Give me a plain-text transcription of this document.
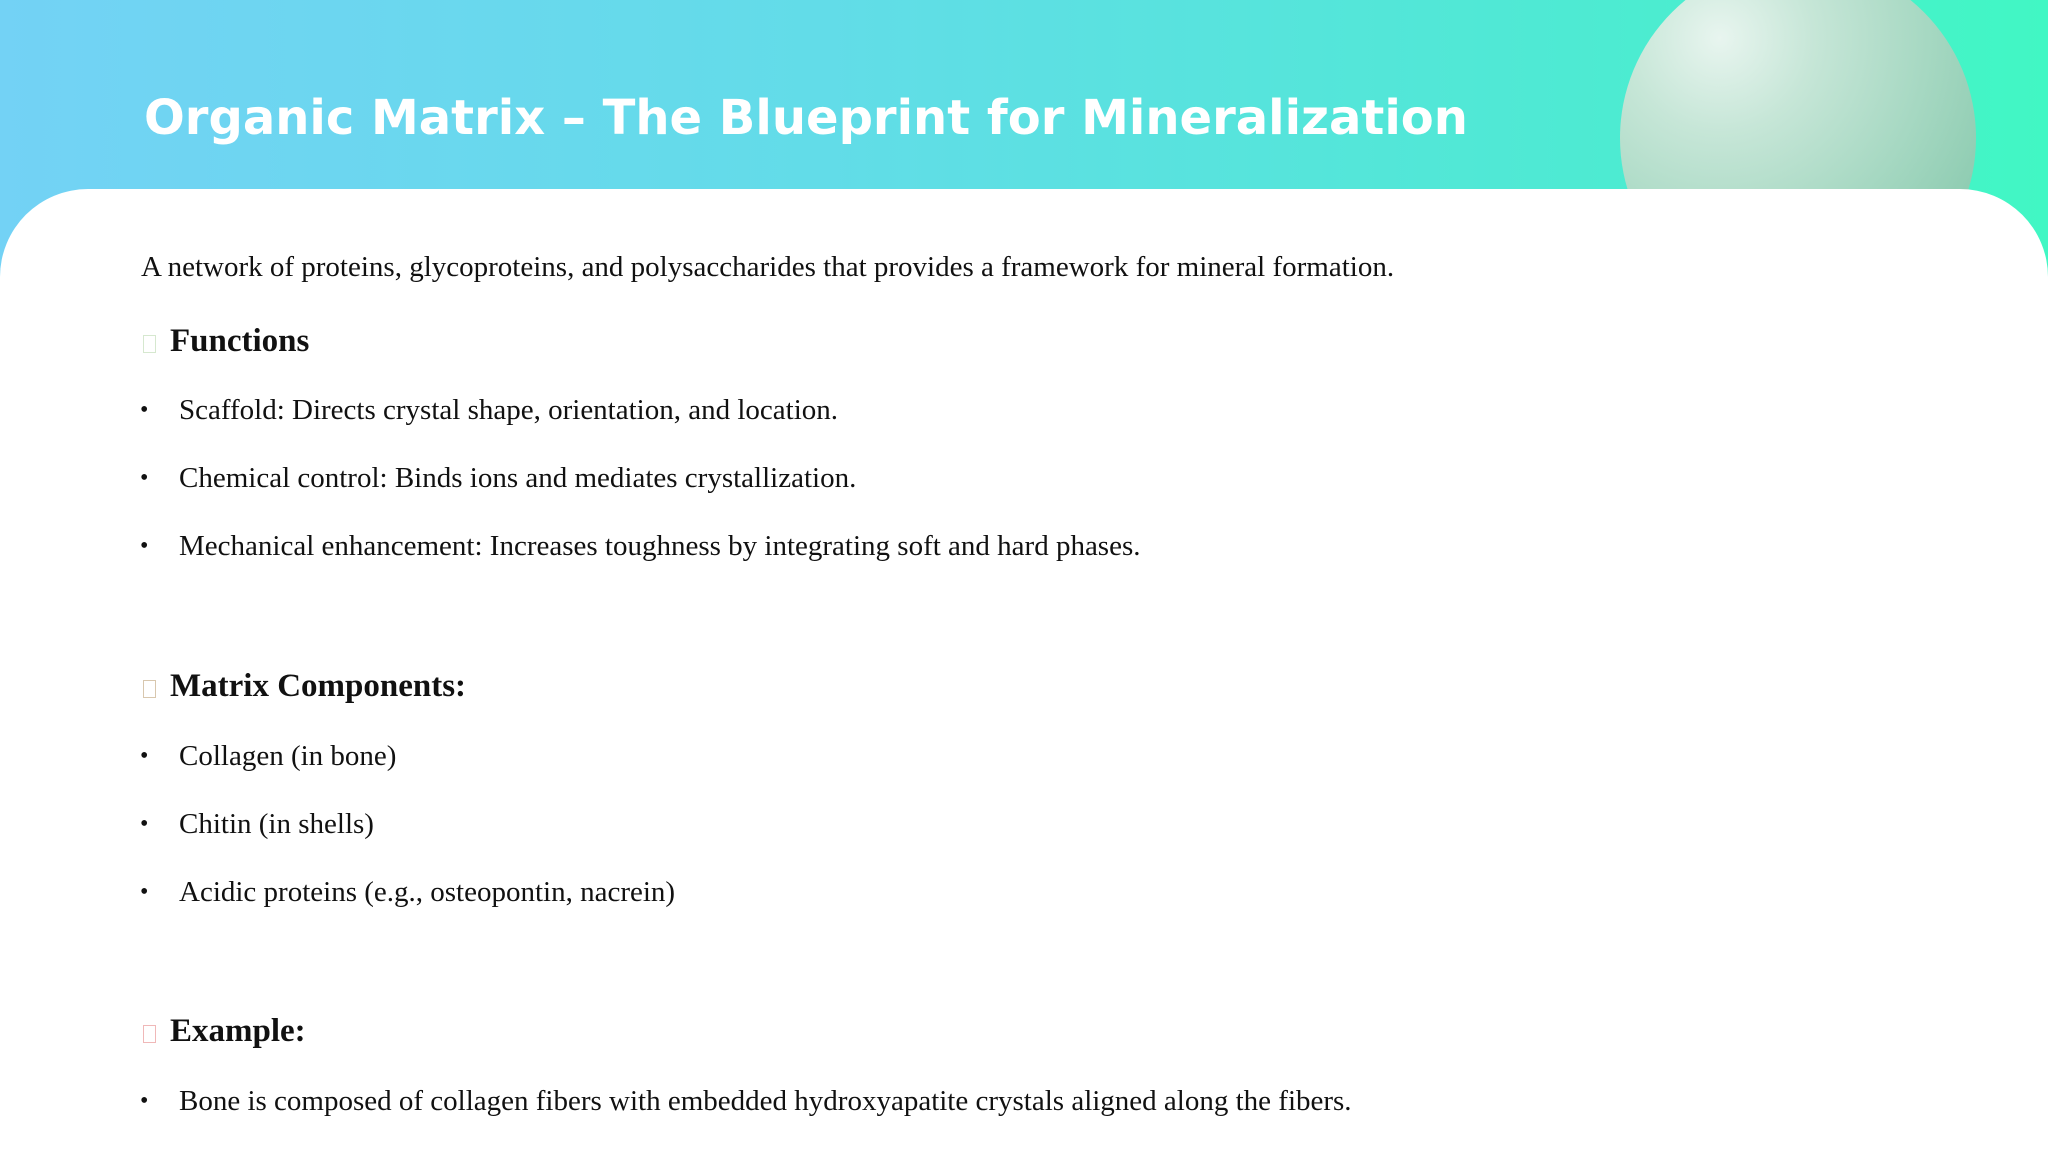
Organic Matrix – The Blueprint for Mineralization
A network of proteins, glycoproteins, and polysaccharides that provides a framework for mineral formation.
Functions
• Scaffold: Directs crystal shape, orientation, and location.
• Chemical control: Binds ions and mediates crystallization.
• Mechanical enhancement: Increases toughness by integrating soft and hard phases.
Matrix Components:
• Collagen (in bone)
• Chitin (in shells)
• Acidic proteins (e.g., osteopontin, nacrein)
Example:
• Bone is composed of collagen fibers with embedded hydroxyapatite crystals aligned along the fibers.
